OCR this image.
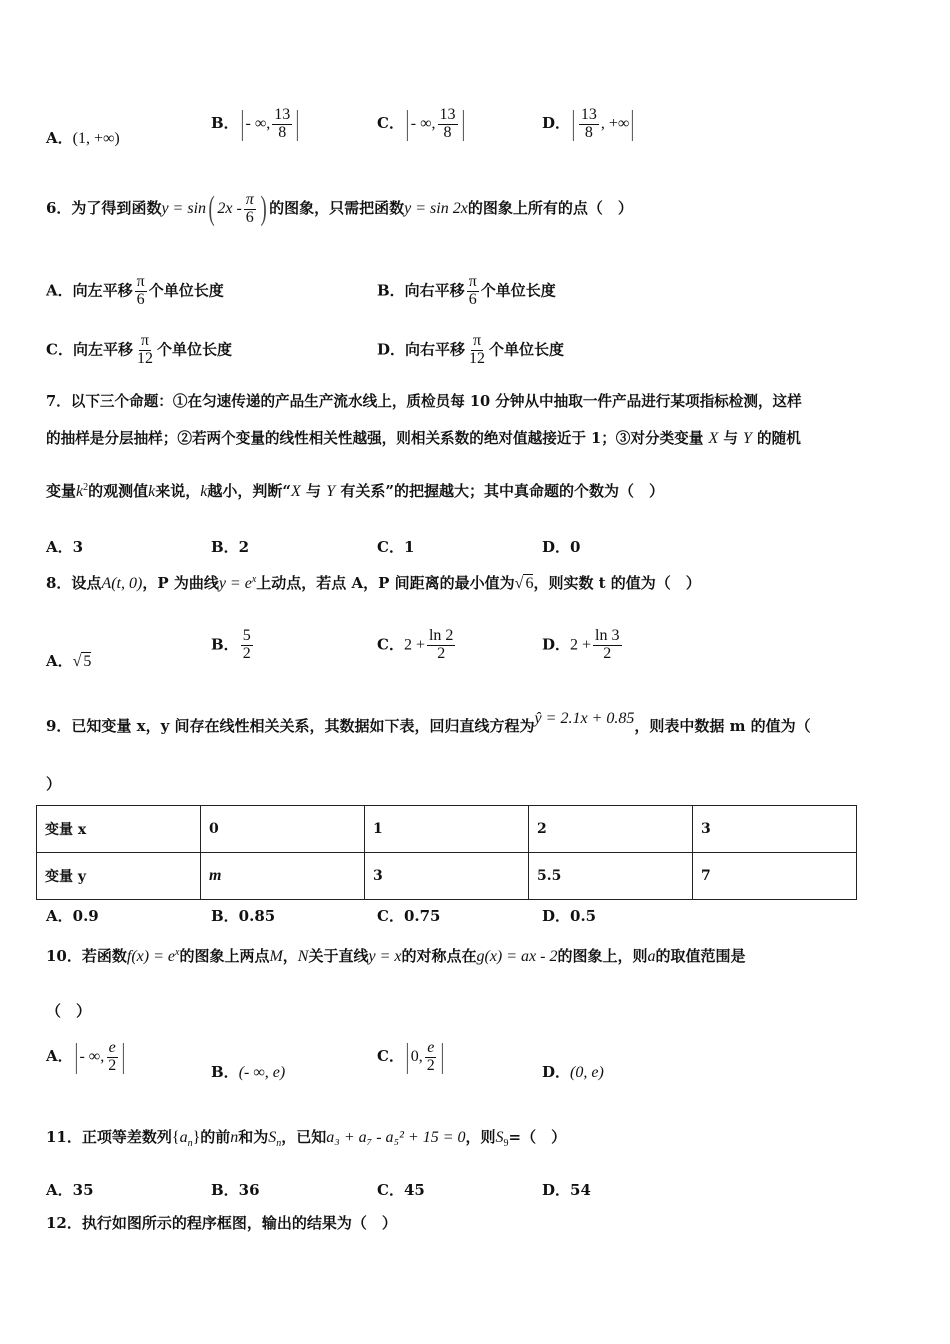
A．(1, +∞)
B．|- ∞, $\frac{13}{8}$ |	C．|- ∞, $\frac{13}{8}$ |	D．| $\frac{13}{8}$ , +∞|
6．为了得到函数y = sin( $2x - \frac{\pi}{6}$ ) 的图象，只需把函数y = sin 2x的图象上所有的点（　）
A．向左平移 $\frac{\pi}{6}$ 个单位长度	B．向右平移 $\frac{\pi}{6}$ 个单位长度
C．向左平移 $\frac{\pi}{12}$ 个单位长度	D．向右平移 $\frac{\pi}{12}$ 个单位长度
7．以下三个命题：①在匀速传递的产品生产流水线上，质检员每 10 分钟从中抽取一件产品进行某项指标检测，这样
的抽样是分层抽样；②若两个变量的线性相关性越强，则相关系数的绝对值越接近于 1；③对分类变量 X 与 Y 的随机
变量$k^2$的观测值k来说，k越小，判断“X 与 Y 有关系”的把握越大；其中真命题的个数为（　）
A．3	B．2	C．1	D．0
8．设点A(t, 0)，P 为曲线$y = e^x$上动点，若点 A，P 间距离的最小值为√ 6，则实数 t 的值为（　）
A．√ 5
B． $\frac{5}{2}$	C．$2 + \frac{\ln 2}{2}$	D．$2 + \frac{\ln 3}{2}$
9．已知变量 x，y 间存在线性相关关系，其数据如下表，回归直线方程为ŷ = 2.1x + 0.85，则表中数据 m 的值为（
）
变量 x	0	1	2	3
变量 y	m	3	5.5	7
A．0.9	B．0.85	C．0.75	D．0.5
10．若函数$f(x) = e^x$的图象上两点M，N关于直线y = x的对称点在g(x) = ax - 2的图象上，则a的取值范围是
（　）
A．|- ∞, $\frac{e}{2}$ |	B．(- ∞, e)
C．|0, $\frac{e}{2}$ |	D．(0, e)
11．正项等差数列$\{a_n\}$的前n和为$S_n$，已知a₃ + a₇ - a₅² + 15 = 0，则$S_9=$（　）
A．35	B．36	C．45	D．54
12．执行如图所示的程序框图，输出的结果为（　）
